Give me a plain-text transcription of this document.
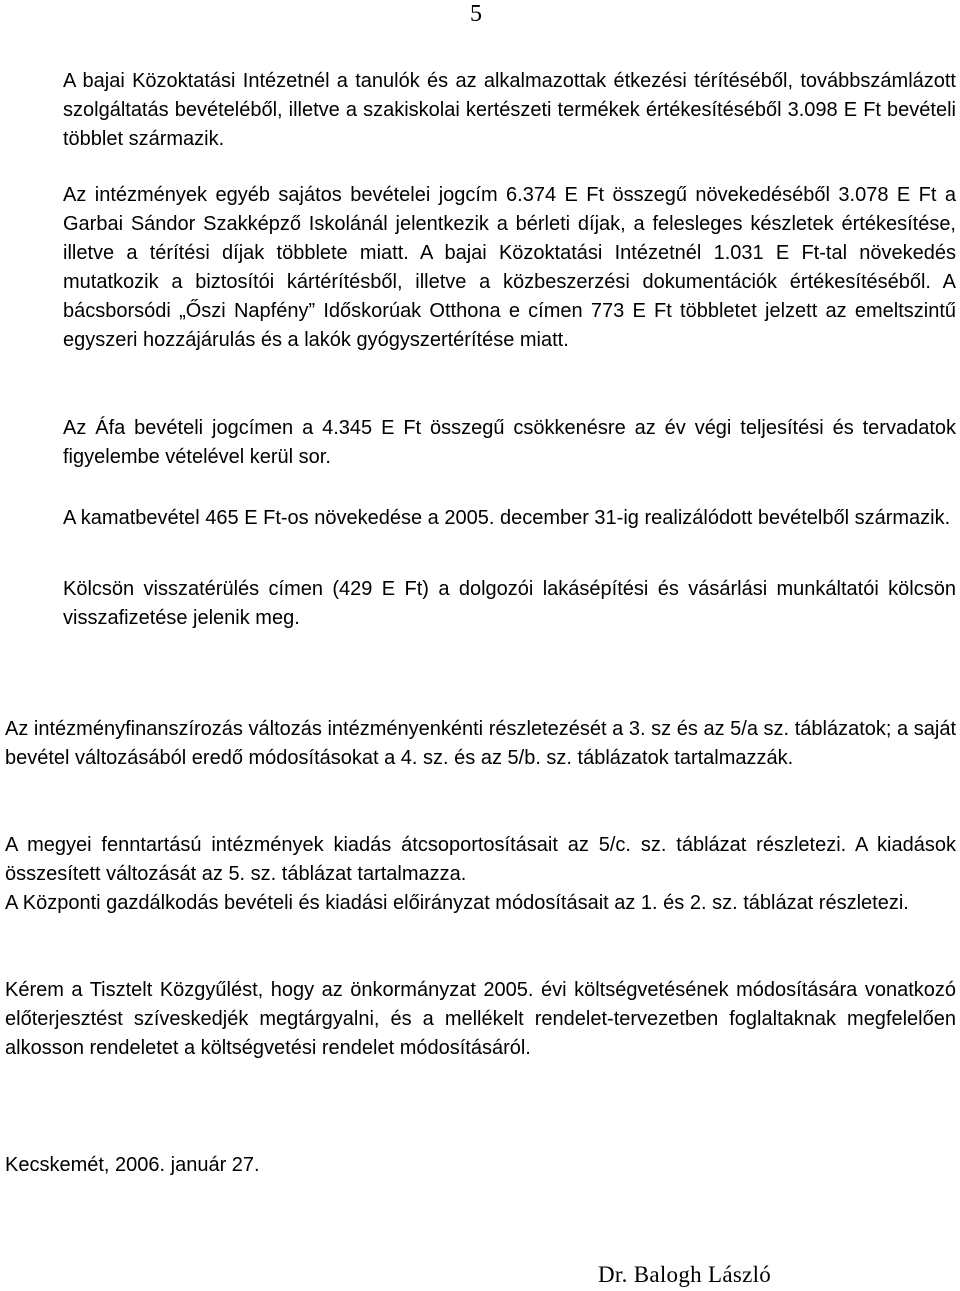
5

A bajai Közoktatási Intézetnél a tanulók és az alkalmazottak étkezési térítéséből, továbbszámlázott szolgáltatás bevételéből, illetve a szakiskolai kertészeti termékek értékesítéséből 3.098 E Ft bevételi többlet származik.

Az intézmények egyéb sajátos bevételei jogcím 6.374 E Ft összegű növekedéséből 3.078 E Ft a Garbai Sándor Szakképző Iskolánál jelentkezik a bérleti díjak, a felesleges készletek értékesítése, illetve a térítési díjak többlete miatt. A bajai Közoktatási Intézetnél 1.031 E Ft-tal növekedés mutatkozik a biztosítói kártérítésből, illetve a közbeszerzési dokumentációk értékesítéséből. A bácsborsódi „Őszi Napfény” Időskorúak Otthona e címen 773 E Ft többletet jelzett az emeltszintű egyszeri hozzájárulás és a lakók gyógyszertérítése miatt.

Az Áfa bevételi jogcímen a 4.345 E Ft összegű csökkenésre az év végi teljesítési és tervadatok figyelembe vételével kerül sor.

A kamatbevétel 465 E Ft-os növekedése a 2005. december 31-ig realizálódott bevételből származik.

Kölcsön visszatérülés címen (429 E Ft) a dolgozói lakásépítési és vásárlási munkáltatói kölcsön visszafizetése jelenik meg.

Az intézményfinanszírozás változás intézményenkénti részletezését a 3. sz és az 5/a sz. táblázatok; a saját bevétel változásából eredő módosításokat a 4. sz. és az 5/b. sz. táblázatok tartalmazzák.

A megyei fenntartású intézmények kiadás átcsoportosításait az 5/c. sz. táblázat részletezi. A kiadások összesített változását az 5. sz. táblázat tartalmazza.

A Központi gazdálkodás bevételi és kiadási előirányzat módosításait az 1. és 2. sz. táblázat részletezi.

Kérem a Tisztelt Közgyűlést, hogy az önkormányzat 2005. évi költségvetésének módosítására vonatkozó előterjesztést szíveskedjék megtárgyalni, és a mellékelt rendelet-tervezetben foglaltaknak megfelelően alkosson rendeletet a költségvetési rendelet módosításáról.

Kecskemét, 2006. január 27.

Dr. Balogh László
